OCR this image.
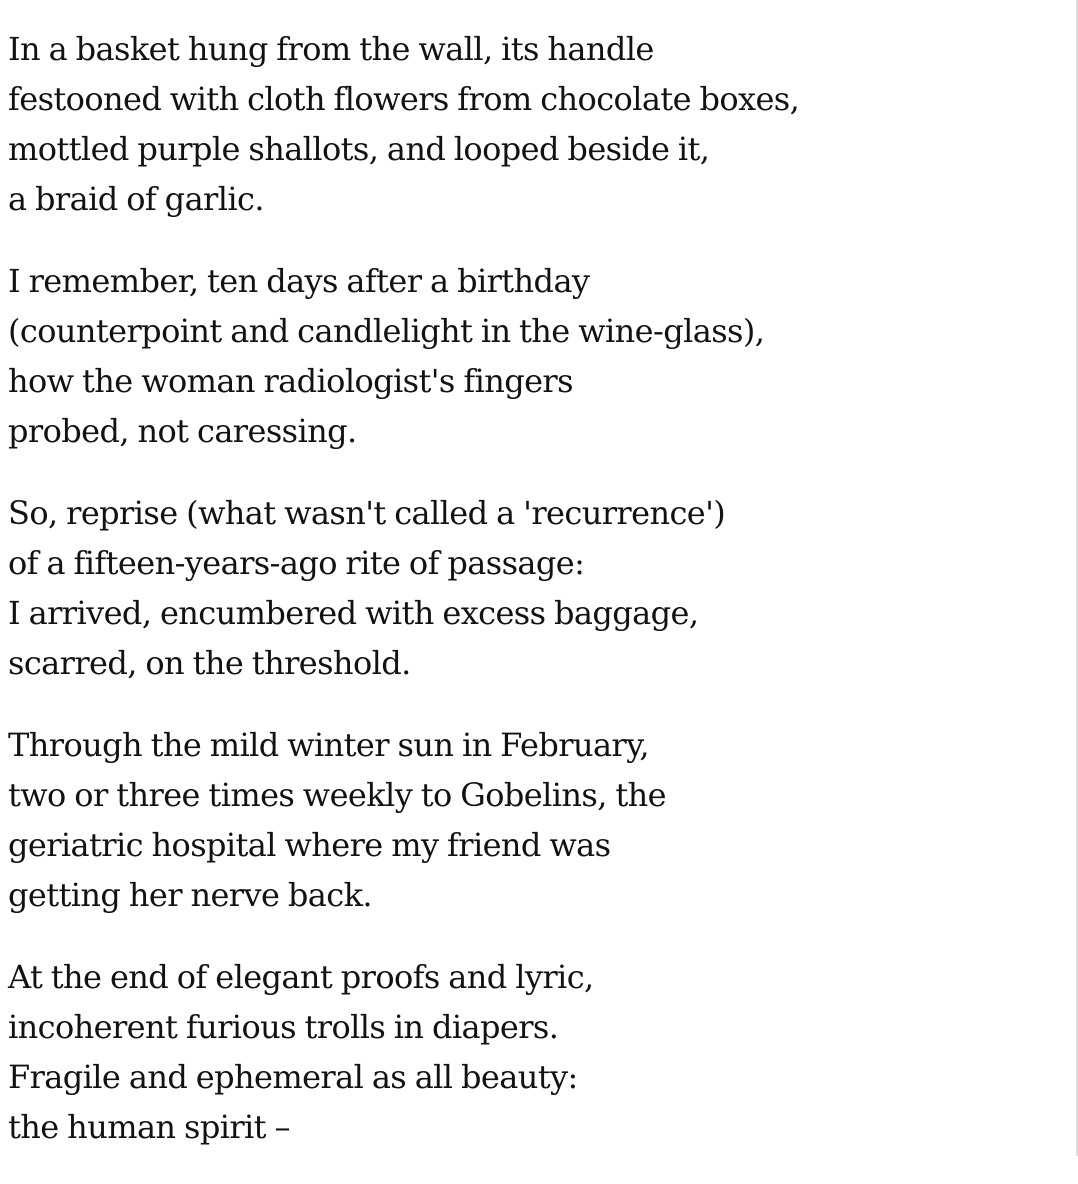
In a basket hung from the wall, its handle
festooned with cloth flowers from chocolate boxes,
mottled purple shallots, and looped beside it,
a braid of garlic.
I remember, ten days after a birthday
(counterpoint and candlelight in the wine-glass),
how the woman radiologist's fingers
probed, not caressing.
So, reprise (what wasn't called a 'recurrence')
of a fifteen-years-ago rite of passage:
I arrived, encumbered with excess baggage,
scarred, on the threshold.
Through the mild winter sun in February,
two or three times weekly to Gobelins, the
geriatric hospital where my friend was
getting her nerve back.
At the end of elegant proofs and lyric,
incoherent furious trolls in diapers.
Fragile and ephemeral as all beauty:
the human spirit –
